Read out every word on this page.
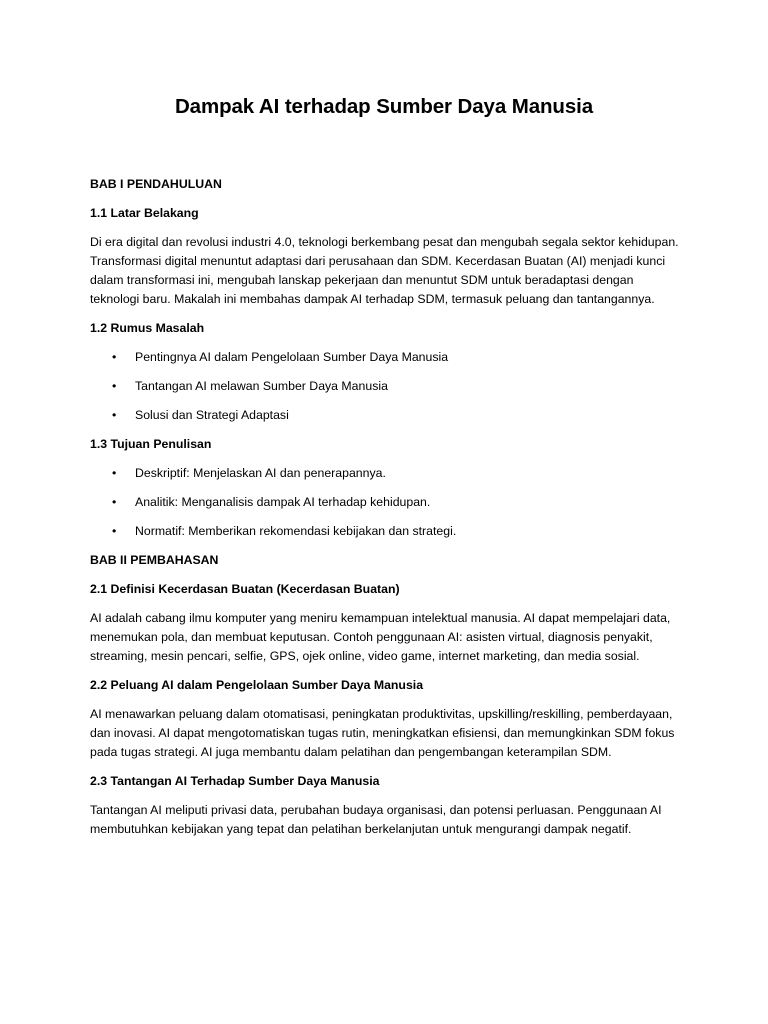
Dampak AI terhadap Sumber Daya Manusia

BAB I PENDAHULUAN

1.1 Latar Belakang

Di era digital dan revolusi industri 4.0, teknologi berkembang pesat dan mengubah segala sektor kehidupan. Transformasi digital menuntut adaptasi dari perusahaan dan SDM. Kecerdasan Buatan (AI) menjadi kunci dalam transformasi ini, mengubah lanskap pekerjaan dan menuntut SDM untuk beradaptasi dengan teknologi baru. Makalah ini membahas dampak AI terhadap SDM, termasuk peluang dan tantangannya.

1.2 Rumus Masalah

• Pentingnya AI dalam Pengelolaan Sumber Daya Manusia
• Tantangan AI melawan Sumber Daya Manusia
• Solusi dan Strategi Adaptasi

1.3 Tujuan Penulisan

• Deskriptif: Menjelaskan AI dan penerapannya.
• Analitik: Menganalisis dampak AI terhadap kehidupan.
• Normatif: Memberikan rekomendasi kebijakan dan strategi.

BAB II PEMBAHASAN

2.1 Definisi Kecerdasan Buatan (Kecerdasan Buatan)

AI adalah cabang ilmu komputer yang meniru kemampuan intelektual manusia. AI dapat mempelajari data, menemukan pola, dan membuat keputusan. Contoh penggunaan AI: asisten virtual, diagnosis penyakit, streaming, mesin pencari, selfie, GPS, ojek online, video game, internet marketing, dan media sosial.

2.2 Peluang AI dalam Pengelolaan Sumber Daya Manusia

AI menawarkan peluang dalam otomatisasi, peningkatan produktivitas, upskilling/reskilling, pemberdayaan, dan inovasi. AI dapat mengotomatiskan tugas rutin, meningkatkan efisiensi, dan memungkinkan SDM fokus pada tugas strategi. AI juga membantu dalam pelatihan dan pengembangan keterampilan SDM.

2.3 Tantangan AI Terhadap Sumber Daya Manusia

Tantangan AI meliputi privasi data, perubahan budaya organisasi, dan potensi perluasan. Penggunaan AI membutuhkan kebijakan yang tepat dan pelatihan berkelanjutan untuk mengurangi dampak negatif.
